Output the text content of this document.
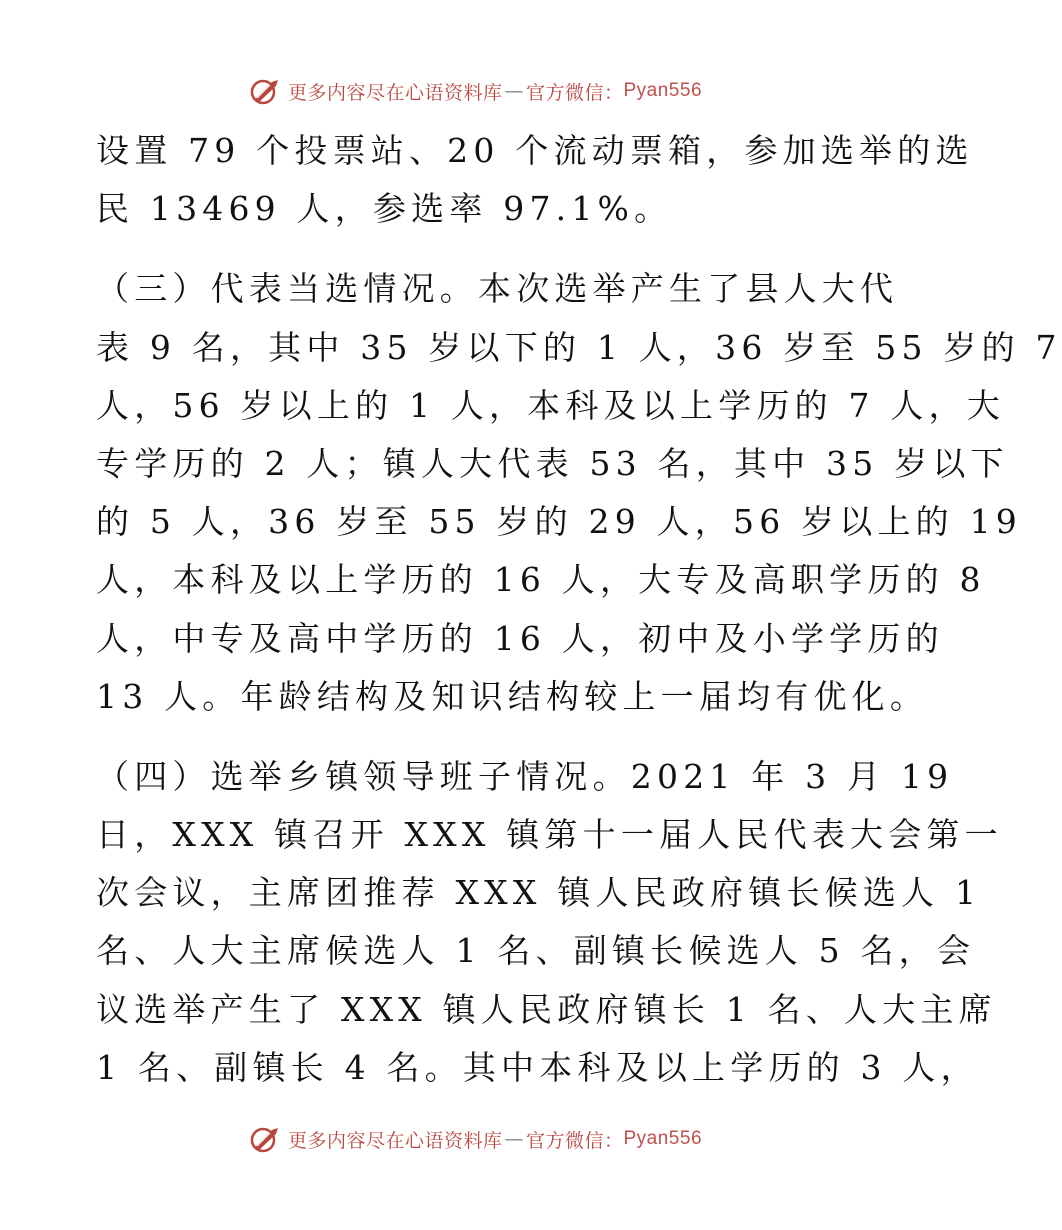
更多内容尽在心语资料库 — 官方微信： Pyan556
设置 79 个投票站、20 个流动票箱，参加选举的选
民 13469 人，参选率 97.1%。
（三）代表当选情况。本次选举产生了县人大代
表 9 名，其中 35 岁以下的 1 人，36 岁至 55 岁的 7
人，56 岁以上的 1 人，本科及以上学历的 7 人，大
专学历的 2 人；镇人大代表 53 名，其中 35 岁以下
的 5 人，36 岁至 55 岁的 29 人，56 岁以上的 19
人，本科及以上学历的 16 人，大专及高职学历的 8
人，中专及高中学历的 16 人，初中及小学学历的
13 人。年龄结构及知识结构较上一届均有优化。
（四）选举乡镇领导班子情况。2021 年 3 月 19
日，XXX 镇召开 XXX 镇第十一届人民代表大会第一
次会议，主席团推荐 XXX 镇人民政府镇长候选人 1
名、人大主席候选人 1 名、副镇长候选人 5 名，会
议选举产生了 XXX 镇人民政府镇长 1 名、人大主席
1 名、副镇长 4 名。其中本科及以上学历的 3 人，
更多内容尽在心语资料库 — 官方微信： Pyan556
